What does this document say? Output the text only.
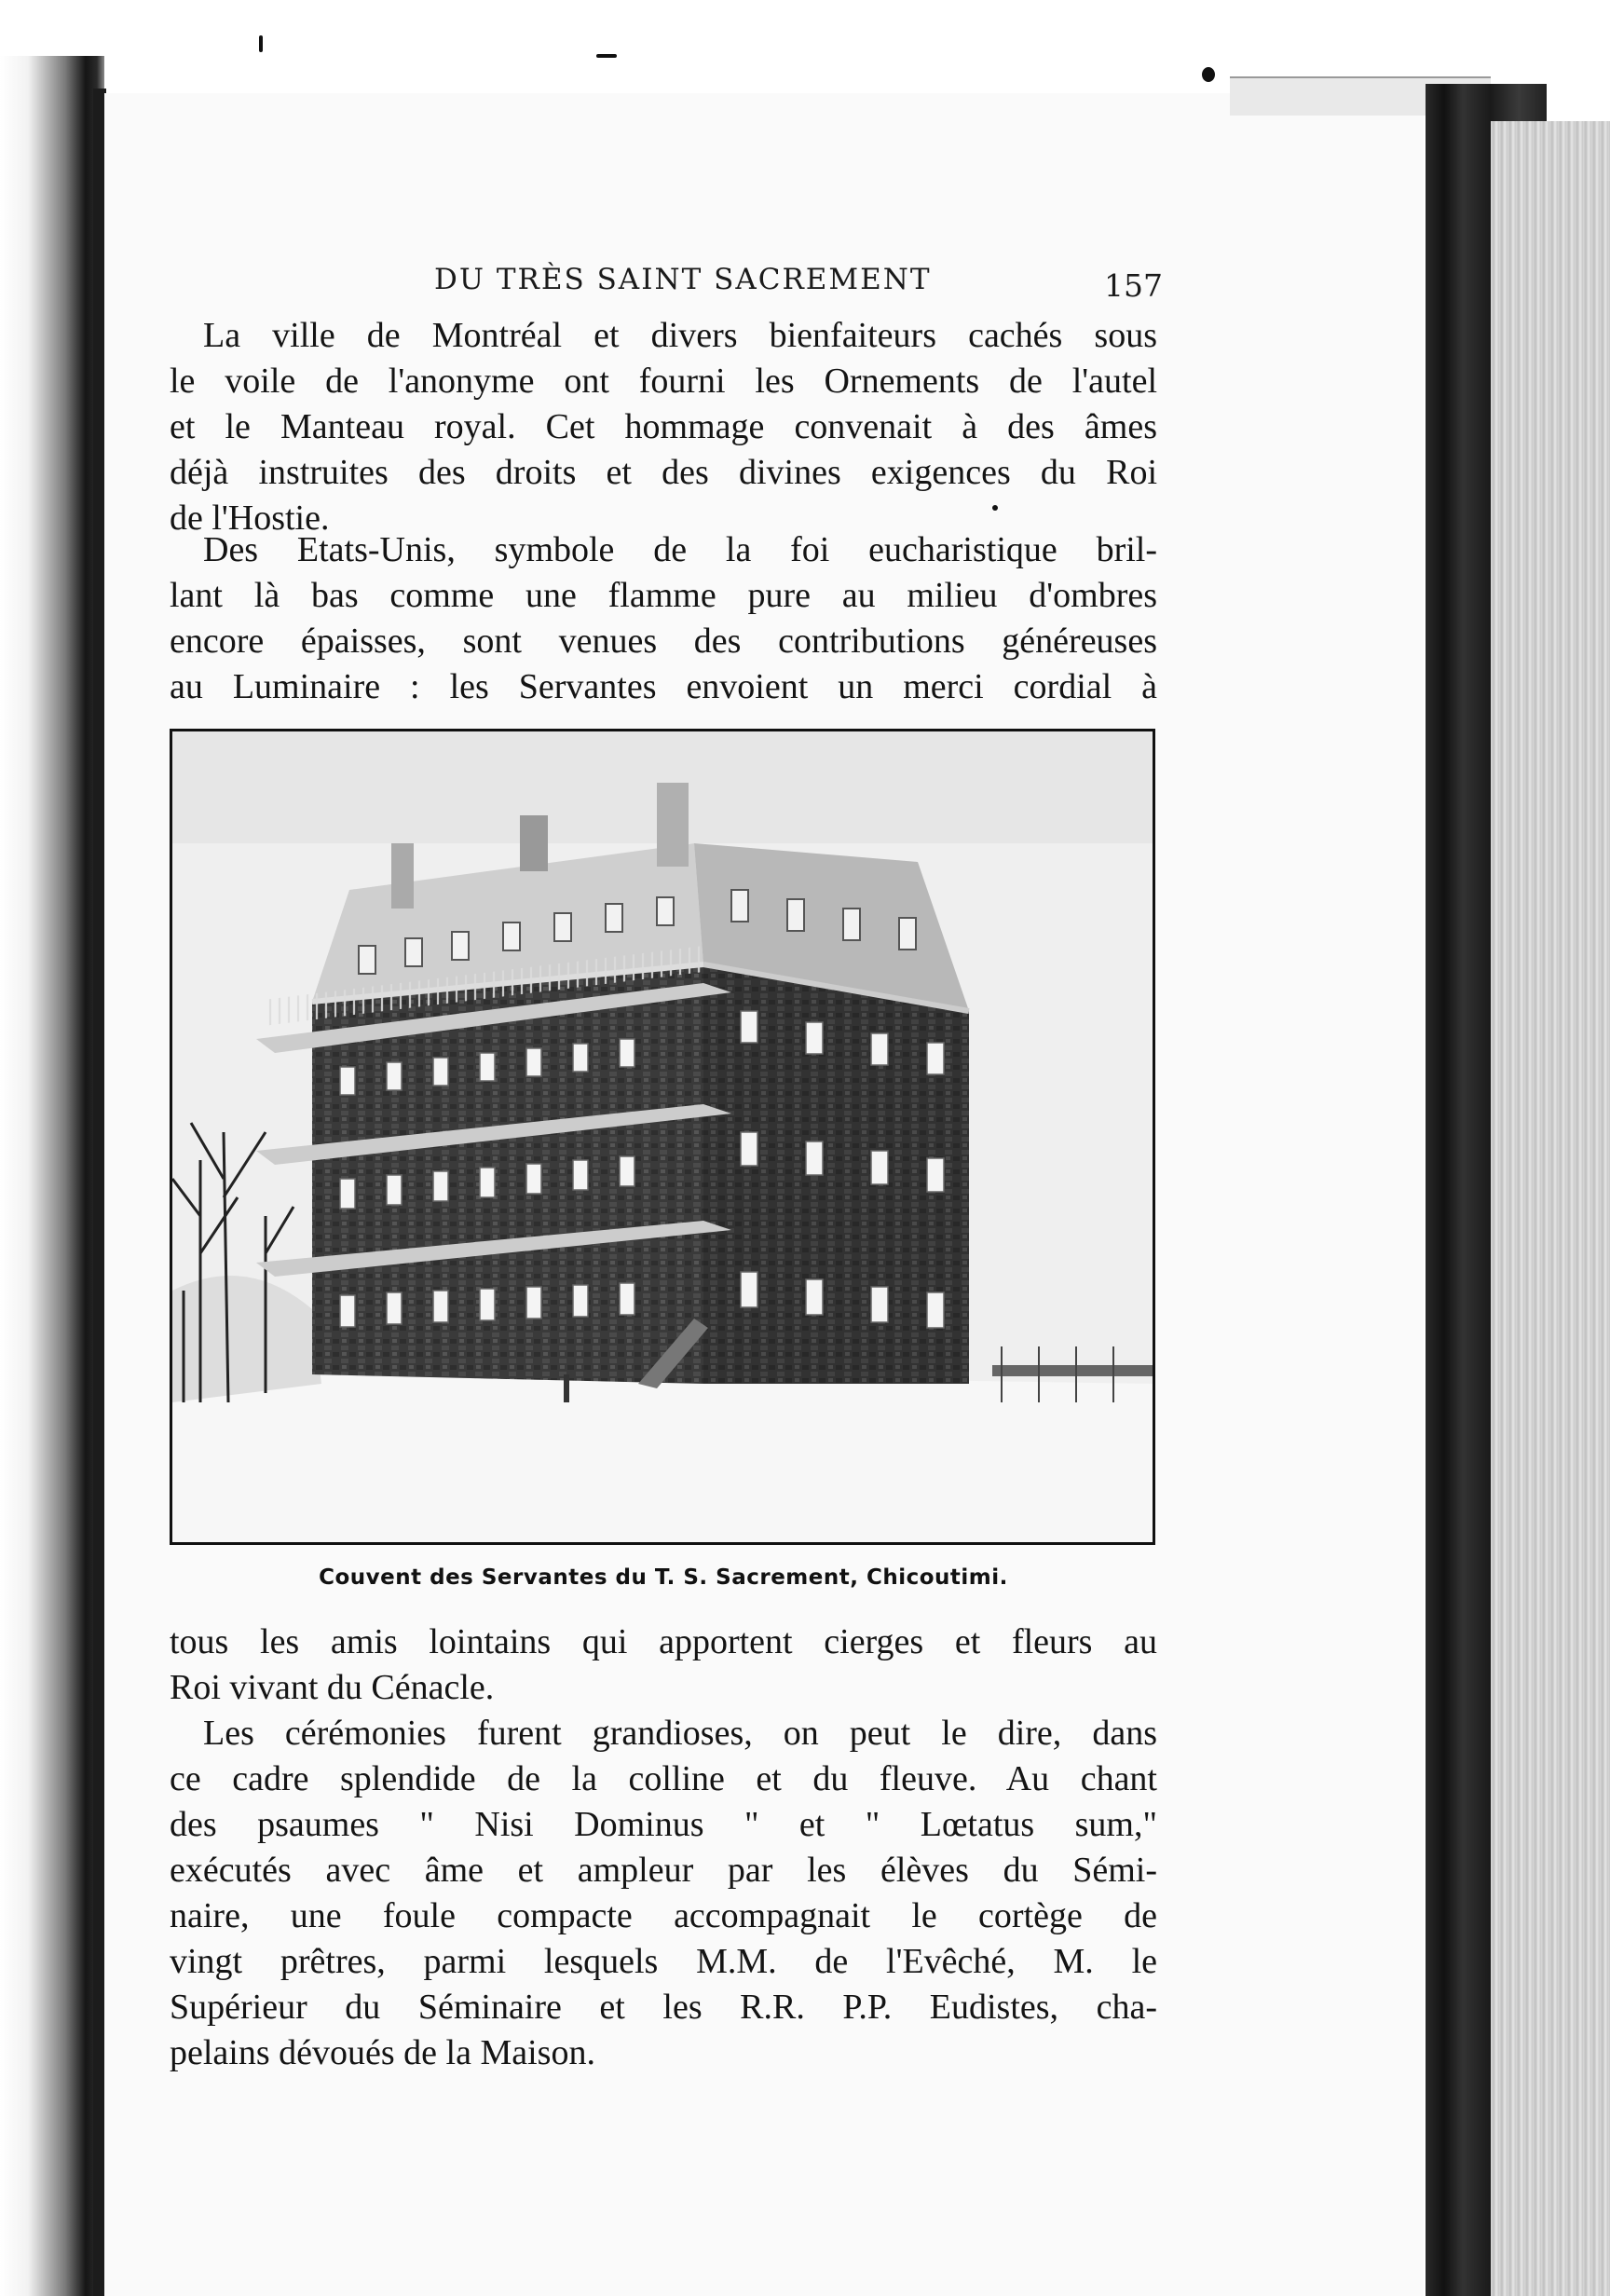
DU TRÈS SAINT SACREMENT	157

La ville de Montréal et divers bienfaiteurs cachés sous
le voile de l'anonyme ont fourni les Ornements de l'autel
et le Manteau royal. Cet hommage convenait à des âmes
déjà instruites des droits et des divines exigences du Roi
de l'Hostie.

Des Etats-Unis, symbole de la foi eucharistique bril-
lant là bas comme une flamme pure au milieu d'ombres
encore épaisses, sont venues des contributions généreuses
au Luminaire : les Servantes envoient un merci cordial à

Couvent des Servantes du T. S. Sacrement, Chicoutimi.

tous les amis lointains qui apportent cierges et fleurs au
Roi vivant du Cénacle.

Les cérémonies furent grandioses, on peut le dire, dans
ce cadre splendide de la colline et du fleuve. Au chant
des psaumes " Nisi Dominus " et " Lœtatus sum,"
exécutés avec âme et ampleur par les élèves du Sémi-
naire, une foule compacte accompagnait le cortège de
vingt prêtres, parmi lesquels M.M. de l'Evêché, M. le
Supérieur du Séminaire et les R.R. P.P. Eudistes, cha-
pelains dévoués de la Maison.
